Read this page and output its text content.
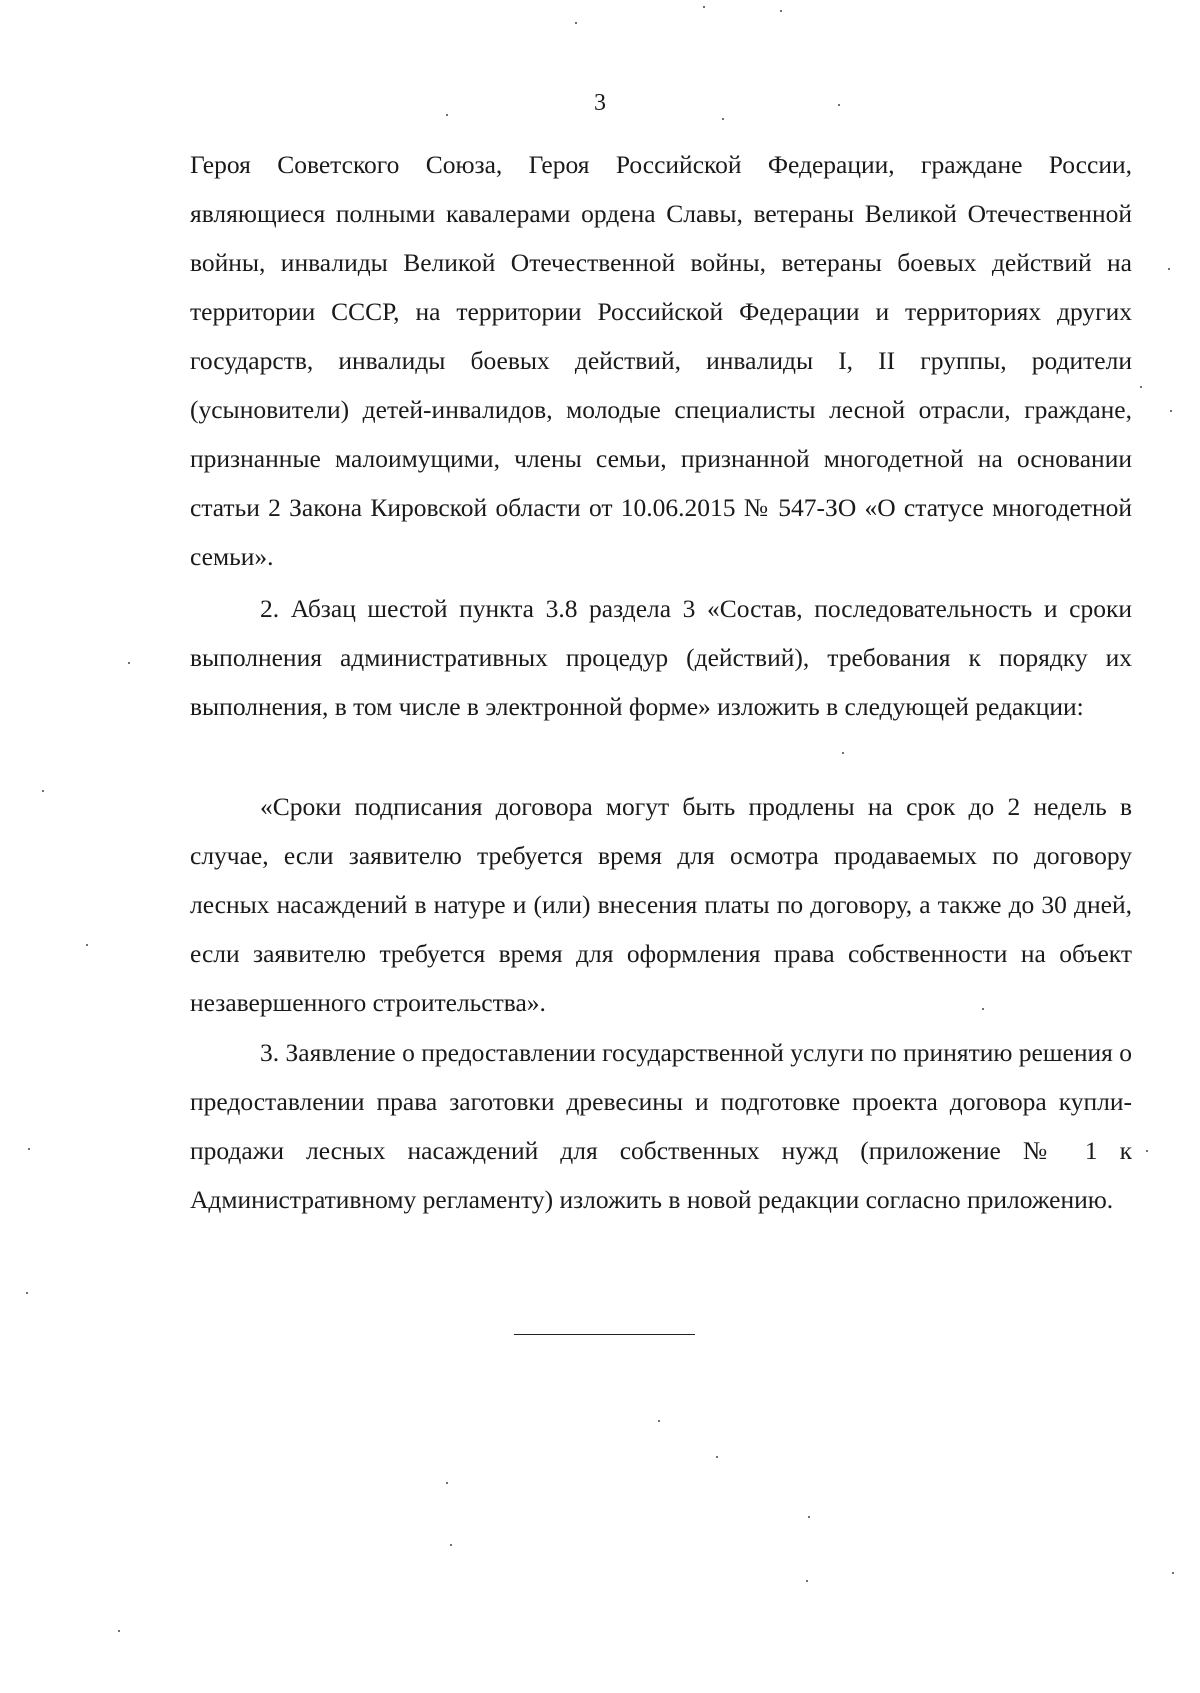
3

Героя Советского Союза, Героя Российской Федерации, граждане России, являющиеся полными кавалерами ордена Славы, ветераны Великой Отечественной войны, инвалиды Великой Отечественной войны, ветераны боевых действий на территории СССР, на территории Российской Федерации и территориях других государств, инвалиды боевых действий, инвалиды I, II группы, родители (усыновители) детей-инвалидов, молодые специалисты лесной отрасли, граждане, признанные малоимущими, члены семьи, признанной многодетной на основании статьи 2 Закона Кировской области от 10.06.2015 № 547-ЗО «О статусе многодетной семьи».

2. Абзац шестой пункта 3.8 раздела 3 «Состав, последовательность и сроки выполнения административных процедур (действий), требования к порядку их выполнения, в том числе в электронной форме» изложить в следующей редакции:

«Сроки подписания договора могут быть продлены на срок до 2 недель в случае, если заявителю требуется время для осмотра продаваемых по договору лесных насаждений в натуре и (или) внесения платы по договору, а также до 30 дней, если заявителю требуется время для оформления права собственности на объект незавершенного строительства».

3. Заявление о предоставлении государственной услуги по принятию решения о предоставлении права заготовки древесины и подготовке проекта договора купли-продажи лесных насаждений для собственных нужд (приложение № 1 к Административному регламенту) изложить в новой редакции согласно приложению.
